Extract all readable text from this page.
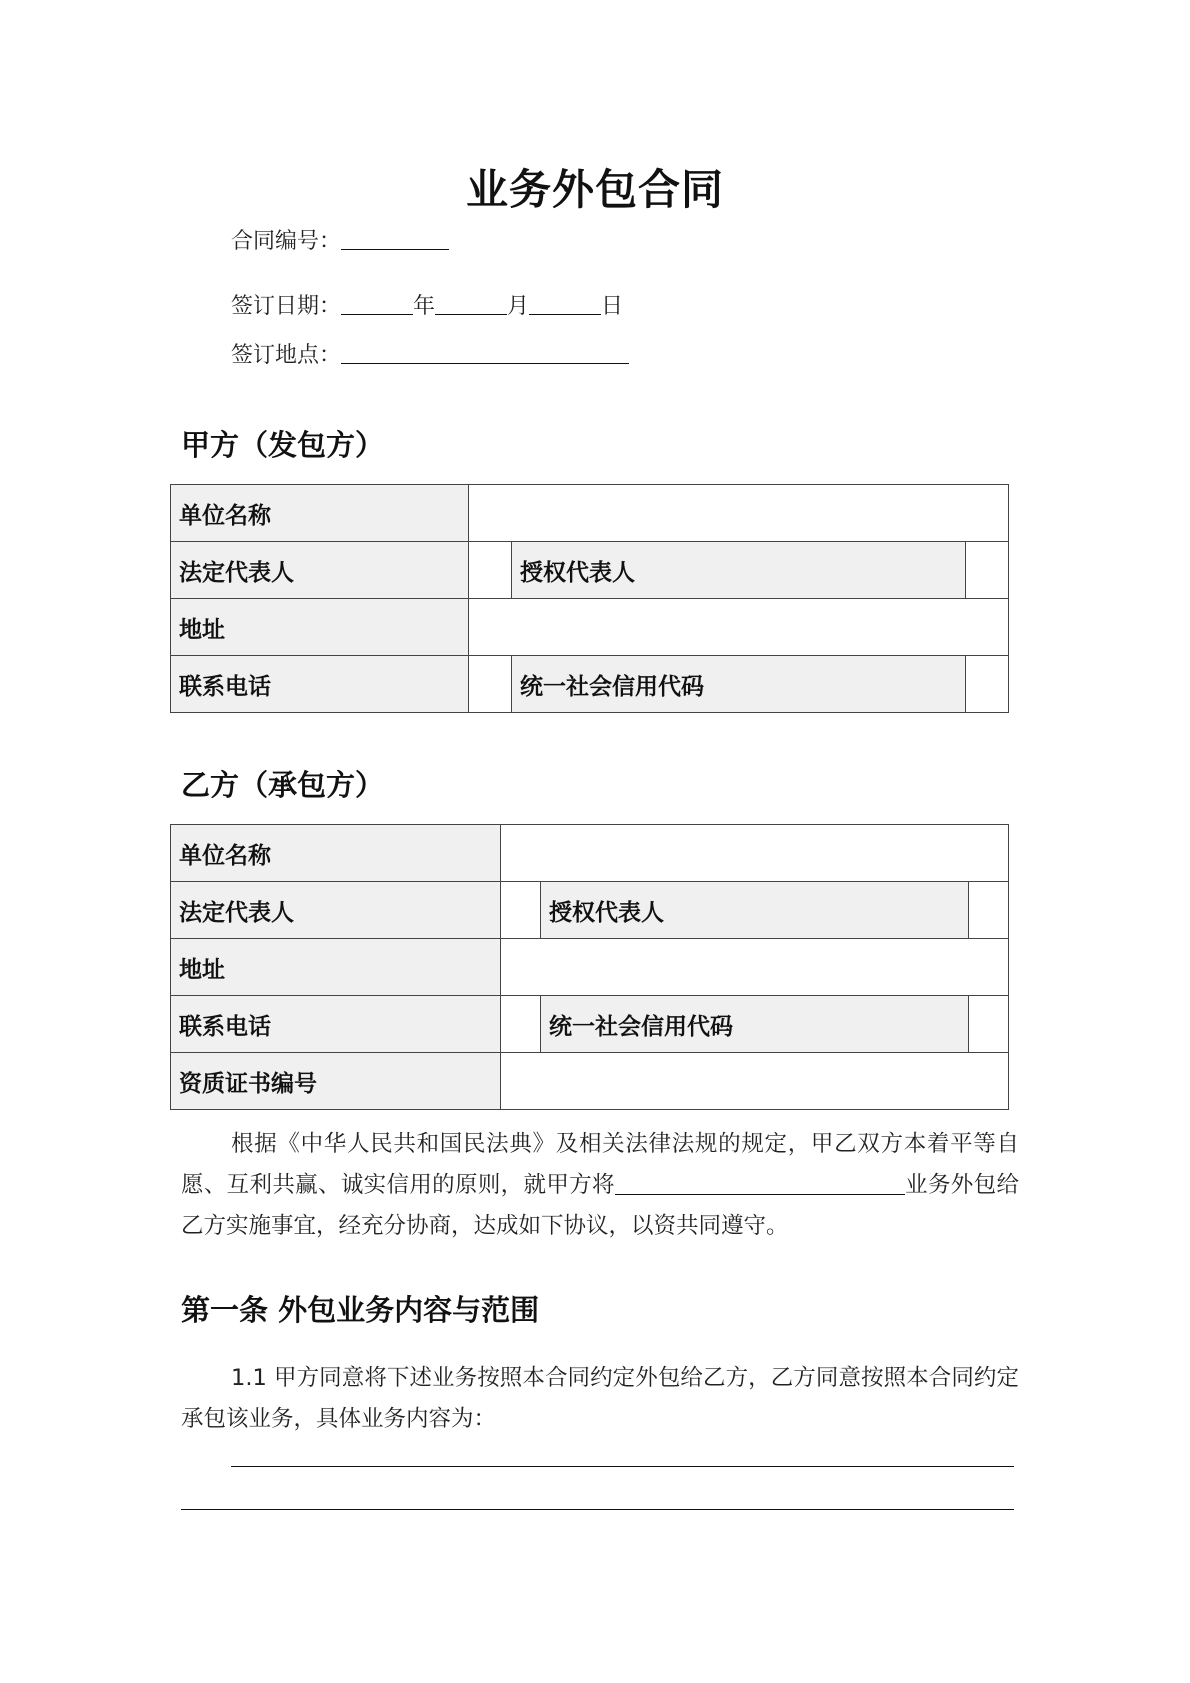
业务外包合同
合同编号：
签订日期：	年	月	日
签订地点：
甲方（发包方）
单位名称			
法定代表人		授权代表人	
地址			
联系电话		统一社会信用代码	
乙方（承包方）
单位名称			
法定代表人		授权代表人	
地址			
联系电话		统一社会信用代码	
资质证书编号			
根据《中华人民共和国民法典》及相关法律法规的规定，甲乙双方本着平等自愿、互利共赢、诚实信用的原则，就甲方将	业务外包给乙方实施事宜，经充分协商，达成如下协议，以资共同遵守。
第一条 外包业务内容与范围
1.1 甲方同意将下述业务按照本合同约定外包给乙方，乙方同意按照本合同约定承包该业务，具体业务内容为：
